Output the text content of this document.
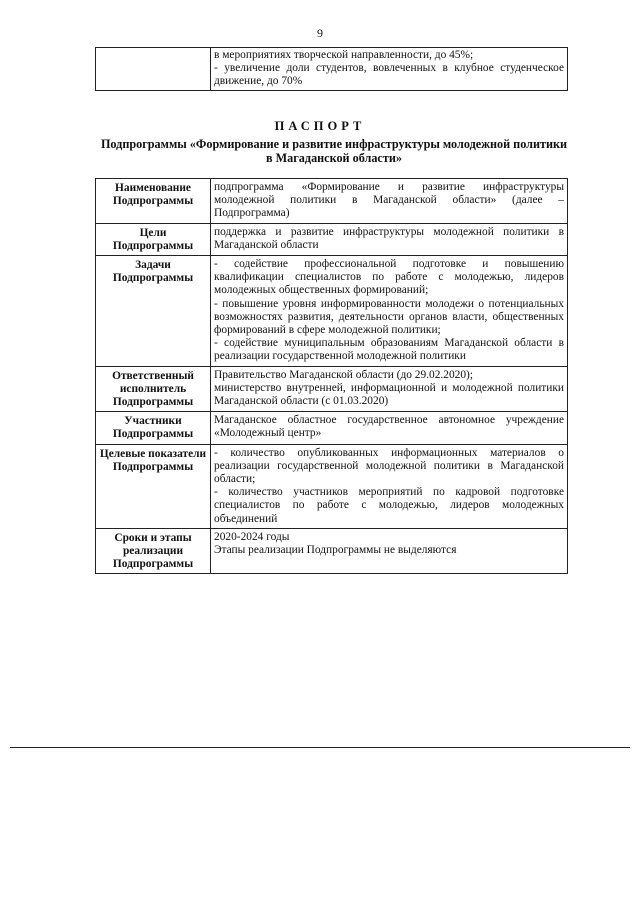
9

в мероприятиях творческой направленности, до 45%;
- увеличение доли студентов, вовлеченных в клубное студенческое движение, до 70%
ПАСПОРТ
Подпрограммы «Формирование и развитие инфраструктуры молодежной политики в Магаданской области»
Наименование Подпрограммы	подпрограмма «Формирование и развитие инфраструктуры молодежной политики в Магаданской области» (далее – Подпрограмма)

Цели Подпрограммы	поддержка и развитие инфраструктуры молодежной политики в Магаданской области

Задачи Подпрограммы	- содействие профессиональной подготовке и повышению квалификации специалистов по работе с молодежью, лидеров молодежных общественных формирований;
- повышение уровня информированности молодежи о потенциальных возможностях развития, деятельности органов власти, общественных формирований в сфере молодежной политики;
- содействие муниципальным образованиям Магаданской области в реализации государственной молодежной политики

Ответственный исполнитель Подпрограммы	Правительство Магаданской области (до 29.02.2020);
министерство внутренней, информационной и молодежной политики Магаданской области (с 01.03.2020)

Участники Подпрограммы	Магаданское областное государственное автономное учреждение «Молодежный центр»

Целевые показатели Подпрограммы	- количество опубликованных информационных материалов о реализации государственной молодежной политики в Магаданской области;
- количество участников мероприятий по кадровой подготовке специалистов по работе с молодежью, лидеров молодежных объединений

Сроки и этапы реализации Подпрограммы	2020-2024 годы
Этапы реализации Подпрограммы не выделяются
